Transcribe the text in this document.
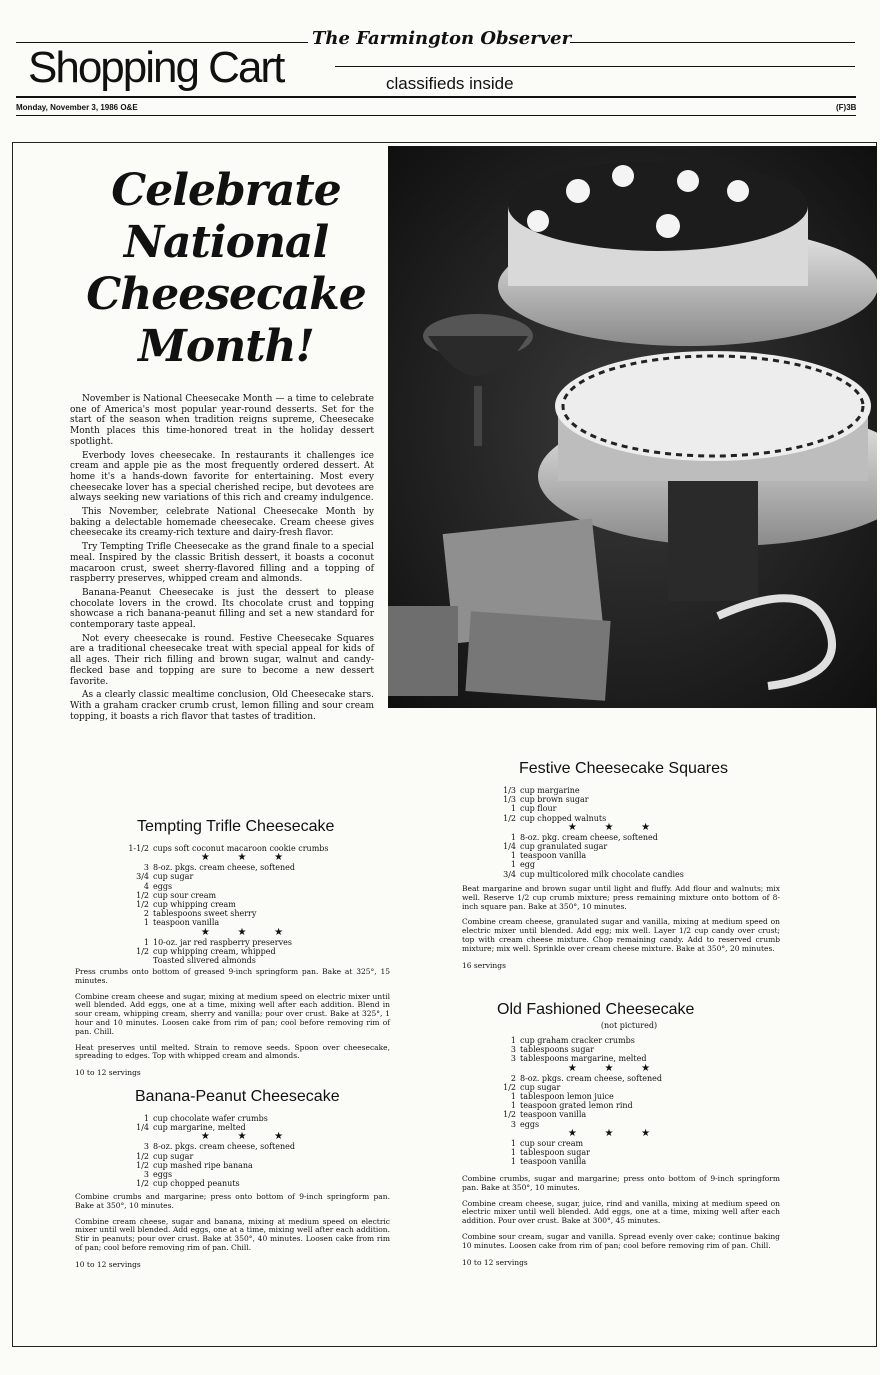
The Farmington Observer
Shopping Cart	classifieds inside
Monday, November 3, 1986 O&E	(F)3B
Celebrate
National
Cheesecake
Month!

November is National Cheesecake Month — a time to celebrate one of America's most popular year-round desserts. Set for the start of the season when tradition reigns supreme, Cheesecake Month places this time-honored treat in the holiday dessert spotlight.

Everbody loves cheesecake. In restaurants it challenges ice cream and apple pie as the most frequently ordered dessert. At home it's a hands-down favorite for entertaining. Most every cheesecake lover has a special cherished recipe, but devotees are always seeking new variations of this rich and creamy indulgence.

This November, celebrate National Cheesecake Month by baking a delectable homemade cheesecake. Cream cheese gives cheesecake its creamy-rich texture and dairy-fresh flavor.

Try Tempting Trifle Cheesecake as the grand finale to a special meal. Inspired by the classic British dessert, it boasts a coconut macaroon crust, sweet sherry-flavored filling and a topping of raspberry preserves, whipped cream and almonds.

Banana-Peanut Cheesecake is just the dessert to please chocolate lovers in the crowd. Its chocolate crust and topping showcase a rich banana-peanut filling and set a new standard for contemporary taste appeal.

Not every cheesecake is round. Festive Cheesecake Squares are a traditional cheesecake treat with special appeal for kids of all ages. Their rich filling and brown sugar, walnut and candy-flecked base and topping are sure to become a new dessert favorite.

As a clearly classic mealtime conclusion, Old Cheesecake stars. With a graham cracker crumb crust, lemon filling and sour cream topping, it boasts a rich flavor that tastes of tradition.

Tempting Trifle Cheesecake
1-1/2 cups soft coconut macaroon cookie crumbs
★	★	★
3 8-oz. pkgs. cream cheese, softened
3/4 cup sugar
4 eggs
1/2 cup sour cream
1/2 cup whipping cream
2 tablespoons sweet sherry
1 teaspoon vanilla
★	★	★
1 10-oz. jar red raspberry preserves
1/2 cup whipping cream, whipped
Toasted slivered almonds
Press crumbs onto bottom of greased 9-inch springform pan. Bake at 325°, 15 minutes.
Combine cream cheese and sugar, mixing at medium speed on electric mixer until well blended. Add eggs, one at a time, mixing well after each addition. Blend in sour cream, whipping cream, sherry and vanilla; pour over crust. Bake at 325°, 1 hour and 10 minutes. Loosen cake from rim of pan; cool before removing rim of pan. Chill.
Heat preserves until melted. Strain to remove seeds. Spoon over cheesecake, spreading to edges. Top with whipped cream and almonds.
10 to 12 servings
Banana-Peanut Cheesecake
1 cup chocolate wafer crumbs
1/4 cup margarine, melted
★	★	★
3 8-oz. pkgs. cream cheese, softened
1/2 cup sugar
1/2 cup mashed ripe banana
3 eggs
1/2 cup chopped peanuts
Combine crumbs and margarine; press onto bottom of 9-inch springform pan. Bake at 350°, 10 minutes.
Combine cream cheese, sugar and banana, mixing at medium speed on electric mixer until well blended. Add eggs, one at a time, mixing well after each addition. Stir in peanuts; pour over crust. Bake at 350°, 40 minutes. Loosen cake from rim of pan; cool before removing rim of pan. Chill.
10 to 12 servings
Festive Cheesecake Squares
1/3 cup margarine
1/3 cup brown sugar
1 cup flour
1/2 cup chopped walnuts
★	★	★
1 8-oz. pkg. cream cheese, softened
1/4 cup granulated sugar
1 teaspoon vanilla
1 egg
3/4 cup multicolored milk chocolate candies
Beat margarine and brown sugar until light and fluffy. Add flour and walnuts; mix well. Reserve 1/2 cup crumb mixture; press remaining mixture onto bottom of 8-inch square pan. Bake at 350°, 10 minutes.
Combine cream cheese, granulated sugar and vanilla, mixing at medium speed on electric mixer until blended. Add egg; mix well. Layer 1/2 cup candy over crust; top with cream cheese mixture. Chop remaining candy. Add to reserved crumb mixture; mix well. Sprinkle over cream cheese mixture. Bake at 350°, 20 minutes.
16 servings
Old Fashioned Cheesecake
(not pictured)
1 cup graham cracker crumbs
3 tablespoons sugar
3 tablespoons margarine, melted
★	★	★
2 8-oz. pkgs. cream cheese, softened
1/2 cup sugar
1 tablespoon lemon juice
1 teaspoon grated lemon rind
1/2 teaspoon vanilla
3 eggs
★	★	★
1 cup sour cream
1 tablespoon sugar
1 teaspoon vanilla
Combine crumbs, sugar and margarine; press onto bottom of 9-inch springform pan. Bake at 350°, 10 minutes.
Combine cream cheese, sugar, juice, rind and vanilla, mixing at medium speed on electric mixer until well blended. Add eggs, one at a time, mixing well after each addition. Pour over crust. Bake at 300°, 45 minutes.
Combine sour cream, sugar and vanilla. Spread evenly over cake; continue baking 10 minutes. Loosen cake from rim of pan; cool before removing rim of pan. Chill.
10 to 12 servings
